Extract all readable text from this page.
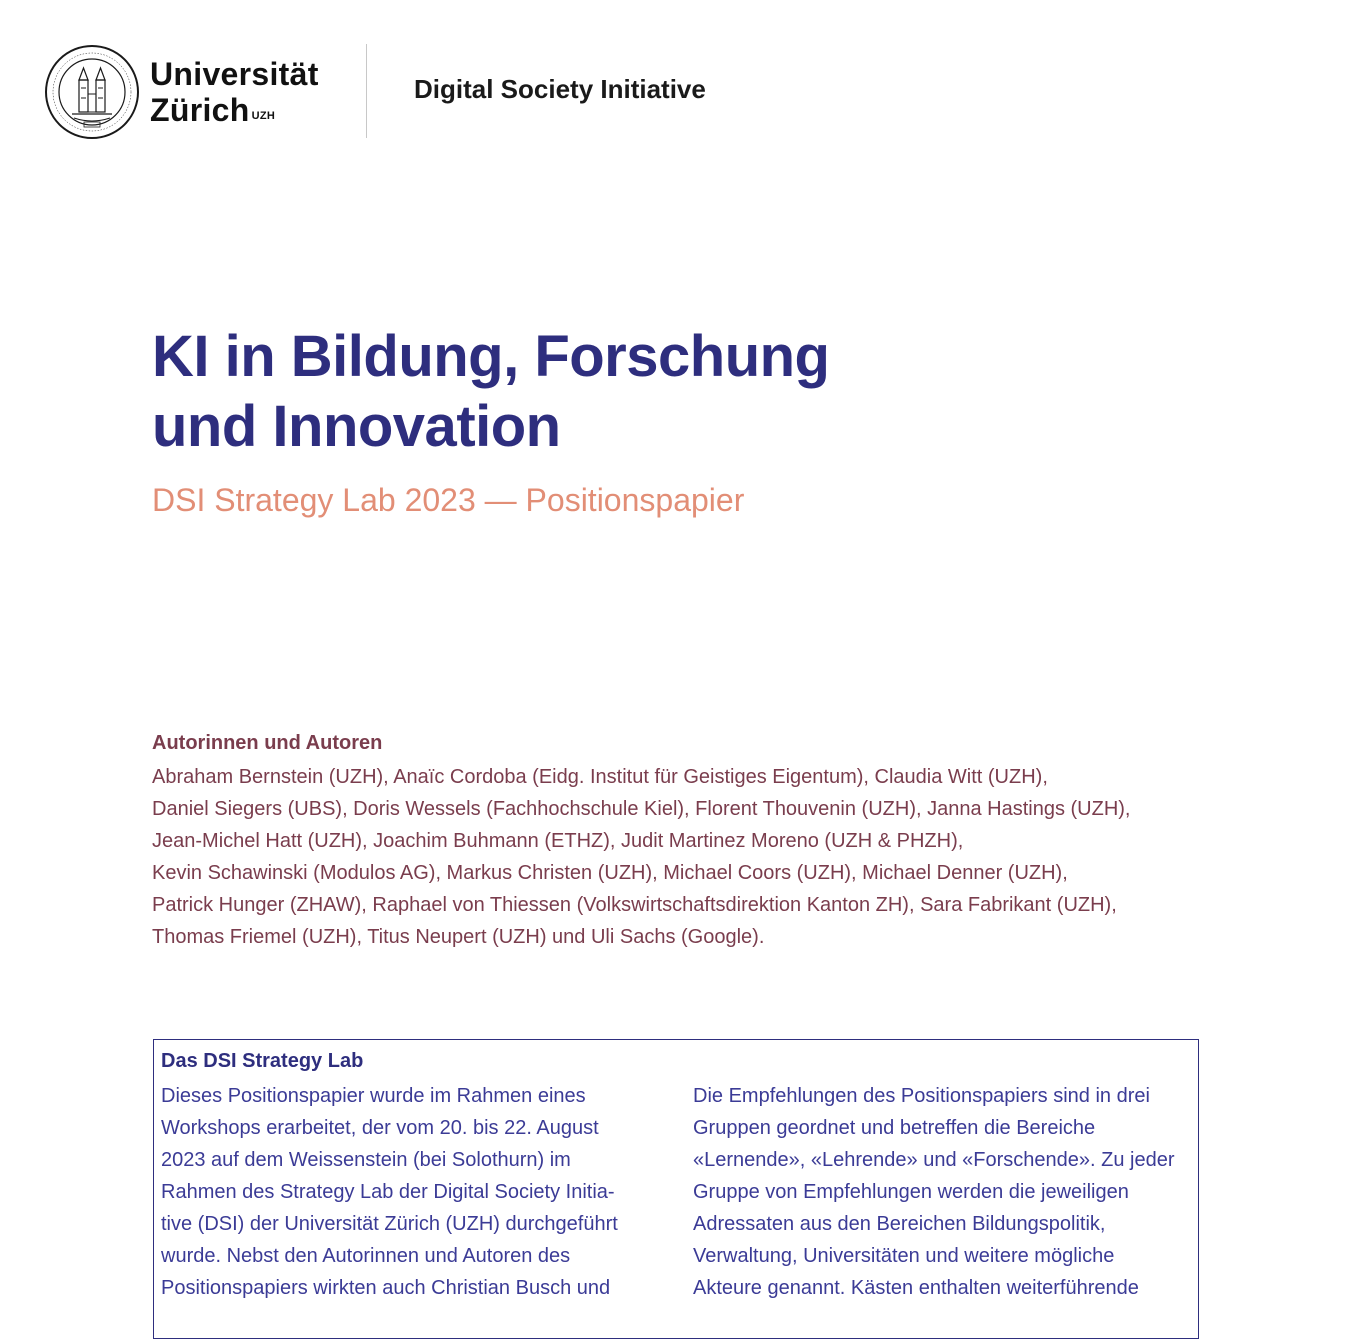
Universität
Zürich $^{UZH}$
Digital Society Initiative
KI in Bildung, Forschung
und Innovation
DSI Strategy Lab 2023 — Positionspapier
Autorinnen und Autoren
Abraham Bernstein (UZH), Anaïc Cordoba (Eidg. Institut für Geistiges Eigentum), Claudia Witt (UZH),
Daniel Siegers (UBS), Doris Wessels (Fachhochschule Kiel), Florent Thouvenin (UZH), Janna Hastings (UZH),
Jean-Michel Hatt (UZH), Joachim Buhmann (ETHZ), Judit Martinez Moreno (UZH & PHZH),
Kevin Schawinski (Modulos AG), Markus Christen (UZH), Michael Coors (UZH), Michael Denner (UZH),
Patrick Hunger (ZHAW), Raphael von Thiessen (Volkswirtschaftsdirektion Kanton ZH), Sara Fabrikant (UZH),
Thomas Friemel (UZH), Titus Neupert (UZH) und Uli Sachs (Google).
Das DSI Strategy Lab
Dieses Positionspapier wurde im Rahmen eines
Workshops erarbeitet, der vom 20. bis 22. August
2023 auf dem Weissenstein (bei Solothurn) im
Rahmen des Strategy Lab der Digital Society Initia-
tive (DSI) der Universität Zürich (UZH) durchgeführt
wurde. Nebst den Autorinnen und Autoren des
Positionspapiers wirkten auch Christian Busch und
Die Empfehlungen des Positionspapiers sind in drei
Gruppen geordnet und betreffen die Bereiche
«Lernende», «Lehrende» und «Forschende». Zu jeder
Gruppe von Empfehlungen werden die jeweiligen
Adressaten aus den Bereichen Bildungspolitik,
Verwaltung, Universitäten und weitere mögliche
Akteure genannt. Kästen enthalten weiterführende
